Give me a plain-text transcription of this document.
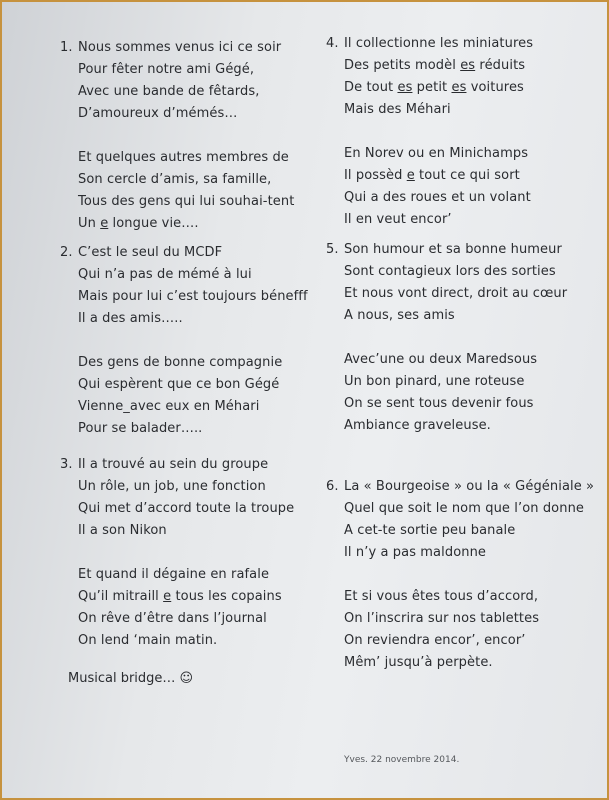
1. Nous sommes venus ici ce soir
Pour fêter notre ami Gégé,
Avec une bande de fêtards,
D’amoureux d’mémés…
Et quelques autres membres de
Son cercle d’amis, sa famille,
Tous des gens qui lui souhai-tent
Un e longue vie….
2. C’est le seul du MCDF
Qui n’a pas de mémé à lui
Mais pour lui c’est toujours bénefff
Il a des amis…..
Des gens de bonne compagnie
Qui espèrent que ce bon Gégé
Vienne_avec eux en Méhari
Pour se balader…..
3. Il a trouvé au sein du groupe
Un rôle, un job, une fonction
Qui met d’accord toute la troupe
Il a son Nikon
Et quand il dégaine en rafale
Qu’il mitraill e tous les copains
On rêve d’être dans l’journal
On lend ‘main matin.
Musical bridge… ☺
4. Il collectionne les miniatures
Des petits modèl es réduits
De tout es petit es voitures
Mais des Méhari
En Norev ou en Minichamps
Il possèd e tout ce qui sort
Qui a des roues et un volant
Il en veut encor’
5. Son humour et sa bonne humeur
Sont contagieux lors des sorties
Et nous vont direct, droit au cœur
A nous, ses amis
Avec’une ou deux Maredsous
Un bon pinard, une roteuse
On se sent tous devenir fous
Ambiance graveleuse.
6. La « Bourgeoise » ou la « Gégéniale »
Quel que soit le nom que l’on donne
A cet-te sortie peu banale
Il n’y a pas maldonne
Et si vous êtes tous d’accord,
On l’inscrira sur nos tablettes
On reviendra encor’, encor’
Mêm’ jusqu’à perpète.
Yves. 22 novembre 2014.
